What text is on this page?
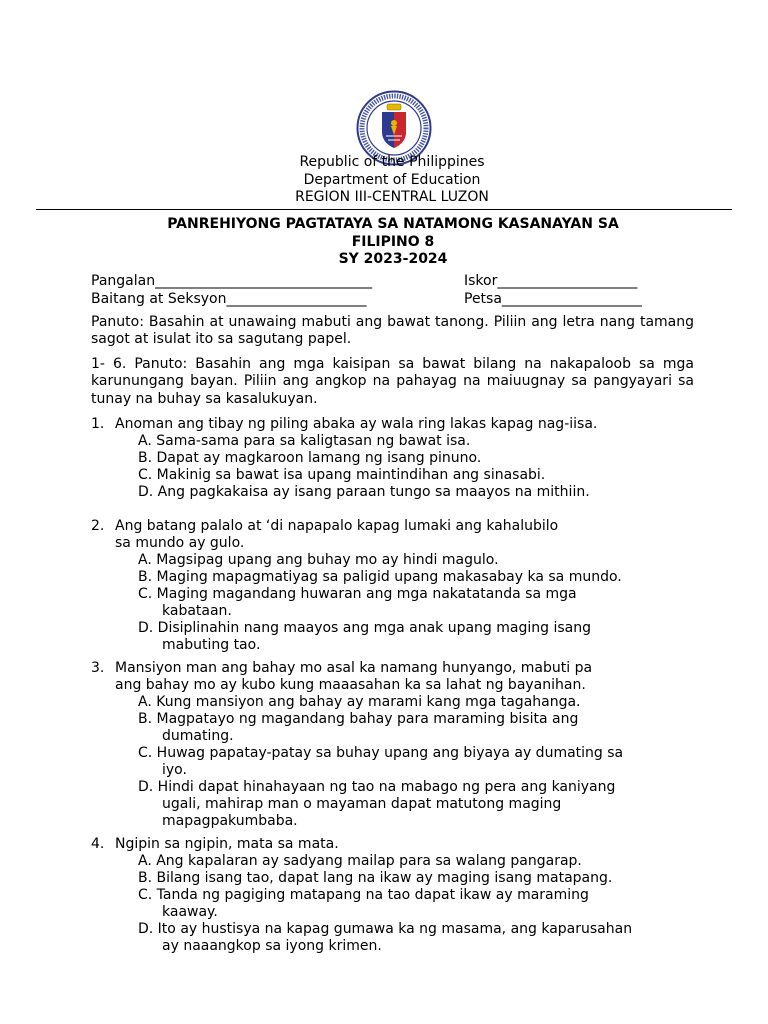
Republic of the Philippines
Department of Education
REGION III-CENTRAL LUZON
PANREHIYONG PAGTATAYA SA NATAMONG KASANAYAN SA
FILIPINO 8
SY 2023-2024
Pangalan_______________________________	Iskor____________________
Baitang at Seksyon____________________	Petsa____________________
Panuto: Basahin at unawaing mabuti ang bawat tanong. Piliin ang letra nang tamang sagot at isulat ito sa sagutang papel.
1- 6. Panuto: Basahin ang mga kaisipan sa bawat bilang na nakapaloob sa mga karunungang bayan. Piliin ang angkop na pahayag na maiuugnay sa pangyayari sa tunay na buhay sa kasalukuyan.
1. Anoman ang tibay ng piling abaka ay wala ring lakas kapag nag-iisa.
A. Sama-sama para sa kaligtasan ng bawat isa.
B. Dapat ay magkaroon lamang ng isang pinuno.
C. Makinig sa bawat isa upang maintindihan ang sinasabi.
D. Ang pagkakaisa ay isang paraan tungo sa maayos na mithiin.
2. Ang batang palalo at ‘di napapalo kapag lumaki ang kahalubilo
sa mundo ay gulo.
A. Magsipag upang ang buhay mo ay hindi magulo.
B. Maging mapagmatiyag sa paligid upang makasabay ka sa mundo.
C. Maging magandang huwaran ang mga nakatatanda sa mga
kabataan.
D. Disiplinahin nang maayos ang mga anak upang maging isang
mabuting tao.
3. Mansiyon man ang bahay mo asal ka namang hunyango, mabuti pa
ang bahay mo ay kubo kung maaasahan ka sa lahat ng bayanihan.
A. Kung mansiyon ang bahay ay marami kang mga tagahanga.
B. Magpatayo ng magandang bahay para maraming bisita ang
dumating.
C. Huwag papatay-patay sa buhay upang ang biyaya ay dumating sa
iyo.
D. Hindi dapat hinahayaan ng tao na mabago ng pera ang kaniyang
ugali, mahirap man o mayaman dapat matutong maging
mapagpakumbaba.
4. Ngipin sa ngipin, mata sa mata.
A. Ang kapalaran ay sadyang mailap para sa walang pangarap.
B. Bilang isang tao, dapat lang na ikaw ay maging isang matapang.
C. Tanda ng pagiging matapang na tao dapat ikaw ay maraming
kaaway.
D. Ito ay hustisya na kapag gumawa ka ng masama, ang kaparusahan
ay naaangkop sa iyong krimen.
